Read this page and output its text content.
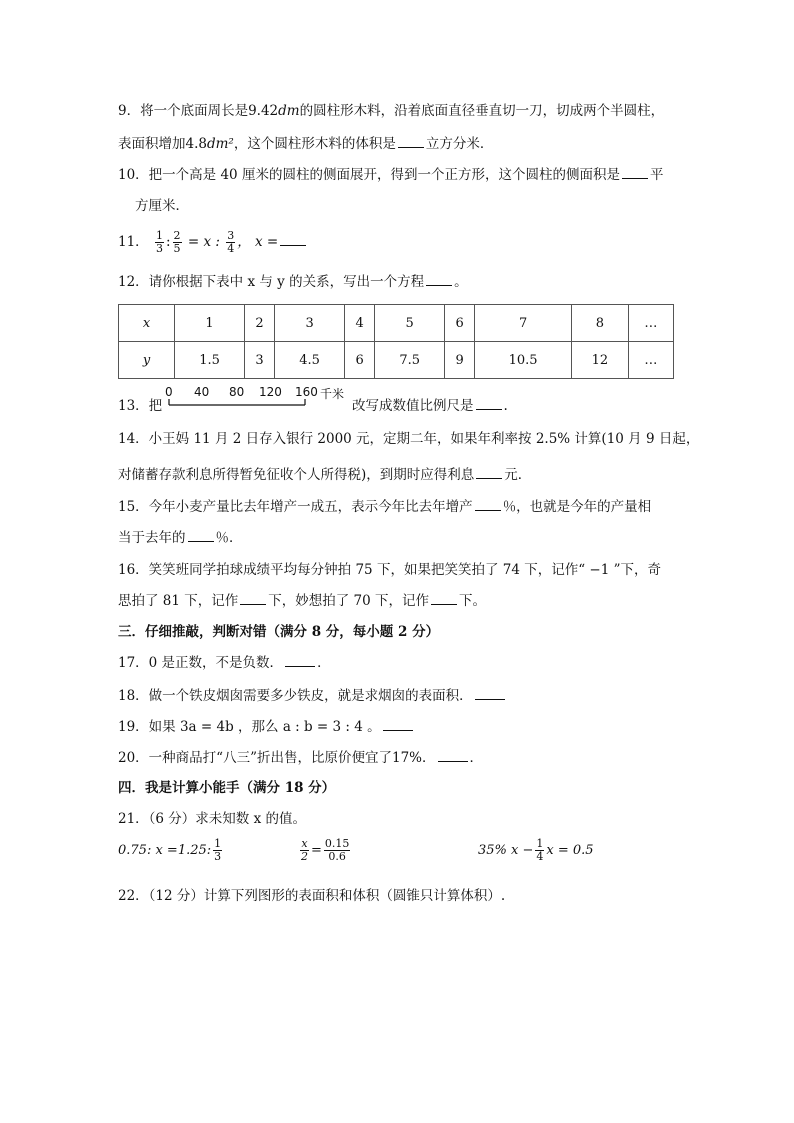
9．将一个底面周长是9.42dm的圆柱形木料，沿着底面直径垂直切一刀，切成两个半圆柱，
表面积增加4.8dm²，这个圆柱形木料的体积是 立方分米．
10．把一个高是 40 厘米的圆柱的侧面展开，得到一个正方形，这个圆柱的侧面积是 平
方厘米．
11． $\frac{1}{3}$ : $\frac{2}{5} = x$ : $\frac{3}{4}$ ， x =
12．请你根据下表中 x 与 y 的关系，写出一个方程 。
x	1	2	3	4	5	6	7	8	…
y	1.5	3	4.5	6	7.5	9	10.5	12	…
13．把
0 40 80 120 160 千米
改写成数值比例尺是 .
14．小王妈 11 月 2 日存入银行 2000 元，定期二年，如果年利率按 2.5% 计算(10 月 9 日起，
对储蓄存款利息所得暂免征收个人所得税)，到期时应得利息 元．
15．今年小麦产量比去年增产一成五，表示今年比去年增产 ％，也就是今年的产量相
当于去年的 ％．
16．笑笑班同学拍球成绩平均每分钟拍 75 下，如果把笑笑拍了 74 下，记作“ −1 ”下，奇
思拍了 81 下，记作 下，妙想拍了 70 下，记作 下。
三．仔细推敲，判断对错（满分 8 分，每小题 2 分）
17．0 是正数，不是负数．	．
18．做一个铁皮烟囱需要多少铁皮，就是求烟囱的表面积．
19．如果 3a = 4b ，那么 a : b = 3 : 4 。
20．一种商品打“八三”折出售，比原价便宜了17%．	．
四．我是计算小能手（满分 18 分）
21．（6 分）求未知数 x 的值。
0.75: x =1.25: $\frac{1}{3}$	$\frac{x}{2} = \frac{0.15}{0.6}$	35% $x - \frac{1}{4}$ x = 0.5
22．（12 分）计算下列图形的表面积和体积（圆锥只计算体积）.
